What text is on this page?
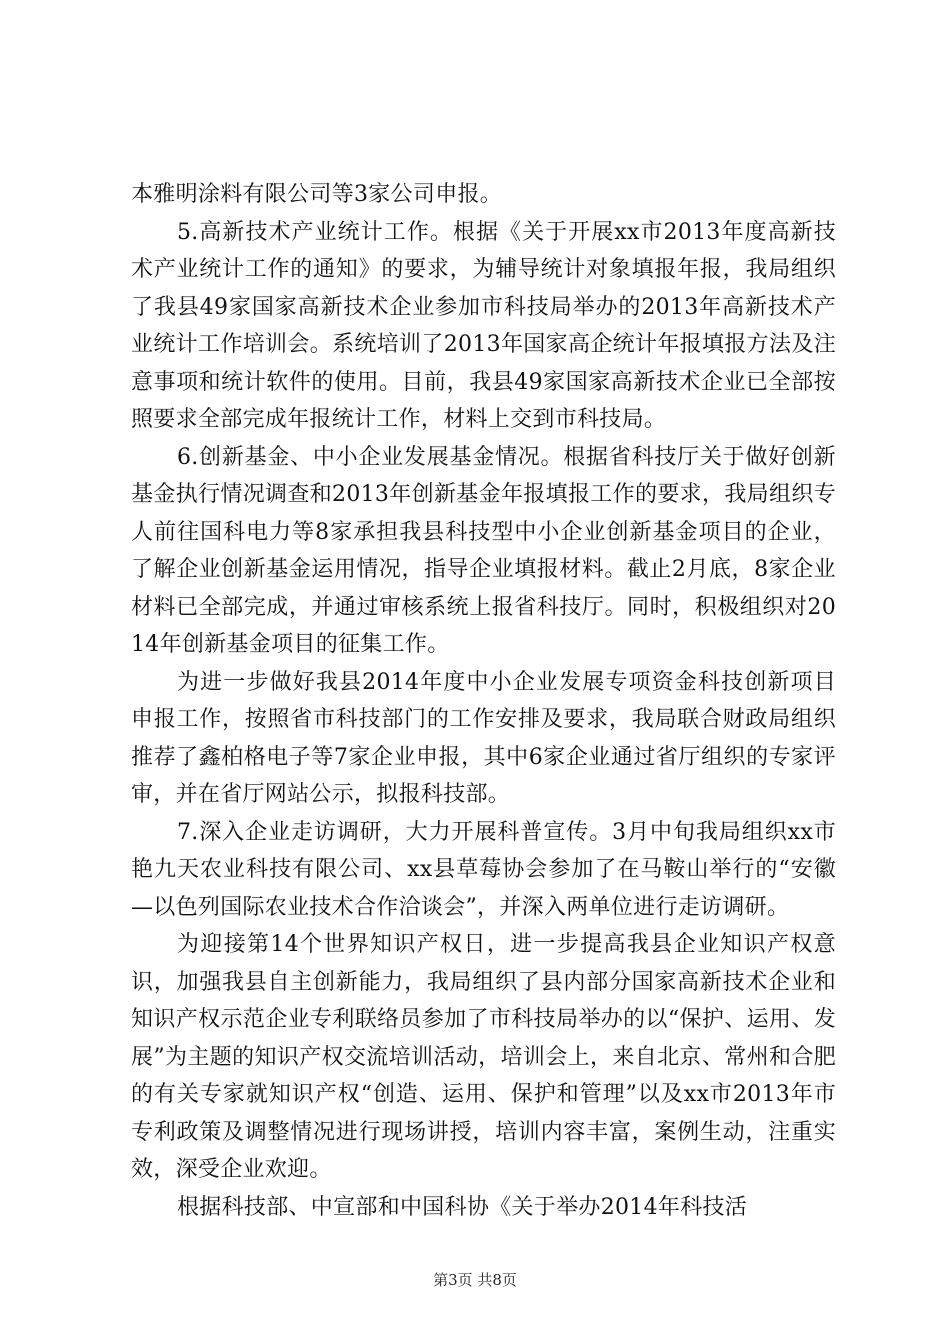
本雅明涂料有限公司等3家公司申报。

5.高新技术产业统计工作。根据《关于开展xx市2013年度高新技术产业统计工作的通知》的要求，为辅导统计对象填报年报，我局组织了我县49家国家高新技术企业参加市科技局举办的2013年高新技术产业统计工作培训会。系统培训了2013年国家高企统计年报填报方法及注意事项和统计软件的使用。目前，我县49家国家高新技术企业已全部按照要求全部完成年报统计工作，材料上交到市科技局。

6.创新基金、中小企业发展基金情况。根据省科技厅关于做好创新基金执行情况调查和2013年创新基金年报填报工作的要求，我局组织专人前往国科电力等8家承担我县科技型中小企业创新基金项目的企业，了解企业创新基金运用情况，指导企业填报材料。截止2月底，8家企业材料已全部完成，并通过审核系统上报省科技厅。同时，积极组织对2014年创新基金项目的征集工作。

为进一步做好我县2014年度中小企业发展专项资金科技创新项目申报工作，按照省市科技部门的工作安排及要求，我局联合财政局组织推荐了鑫柏格电子等7家企业申报，其中6家企业通过省厅组织的专家评审，并在省厅网站公示，拟报科技部。

7.深入企业走访调研，大力开展科普宣传。3月中旬我局组织xx市艳九天农业科技有限公司、xx县草莓协会参加了在马鞍山举行的“安徽—以色列国际农业技术合作洽谈会”，并深入两单位进行走访调研。

为迎接第14个世界知识产权日，进一步提高我县企业知识产权意识，加强我县自主创新能力，我局组织了县内部分国家高新技术企业和知识产权示范企业专利联络员参加了市科技局举办的以“保护、运用、发展”为主题的知识产权交流培训活动，培训会上，来自北京、常州和合肥的有关专家就知识产权“创造、运用、保护和管理”以及xx市2013年市专利政策及调整情况进行现场讲授，培训内容丰富，案例生动，注重实效，深受企业欢迎。

根据科技部、中宣部和中国科协《关于举办2014年科技活

第3页 共8页
